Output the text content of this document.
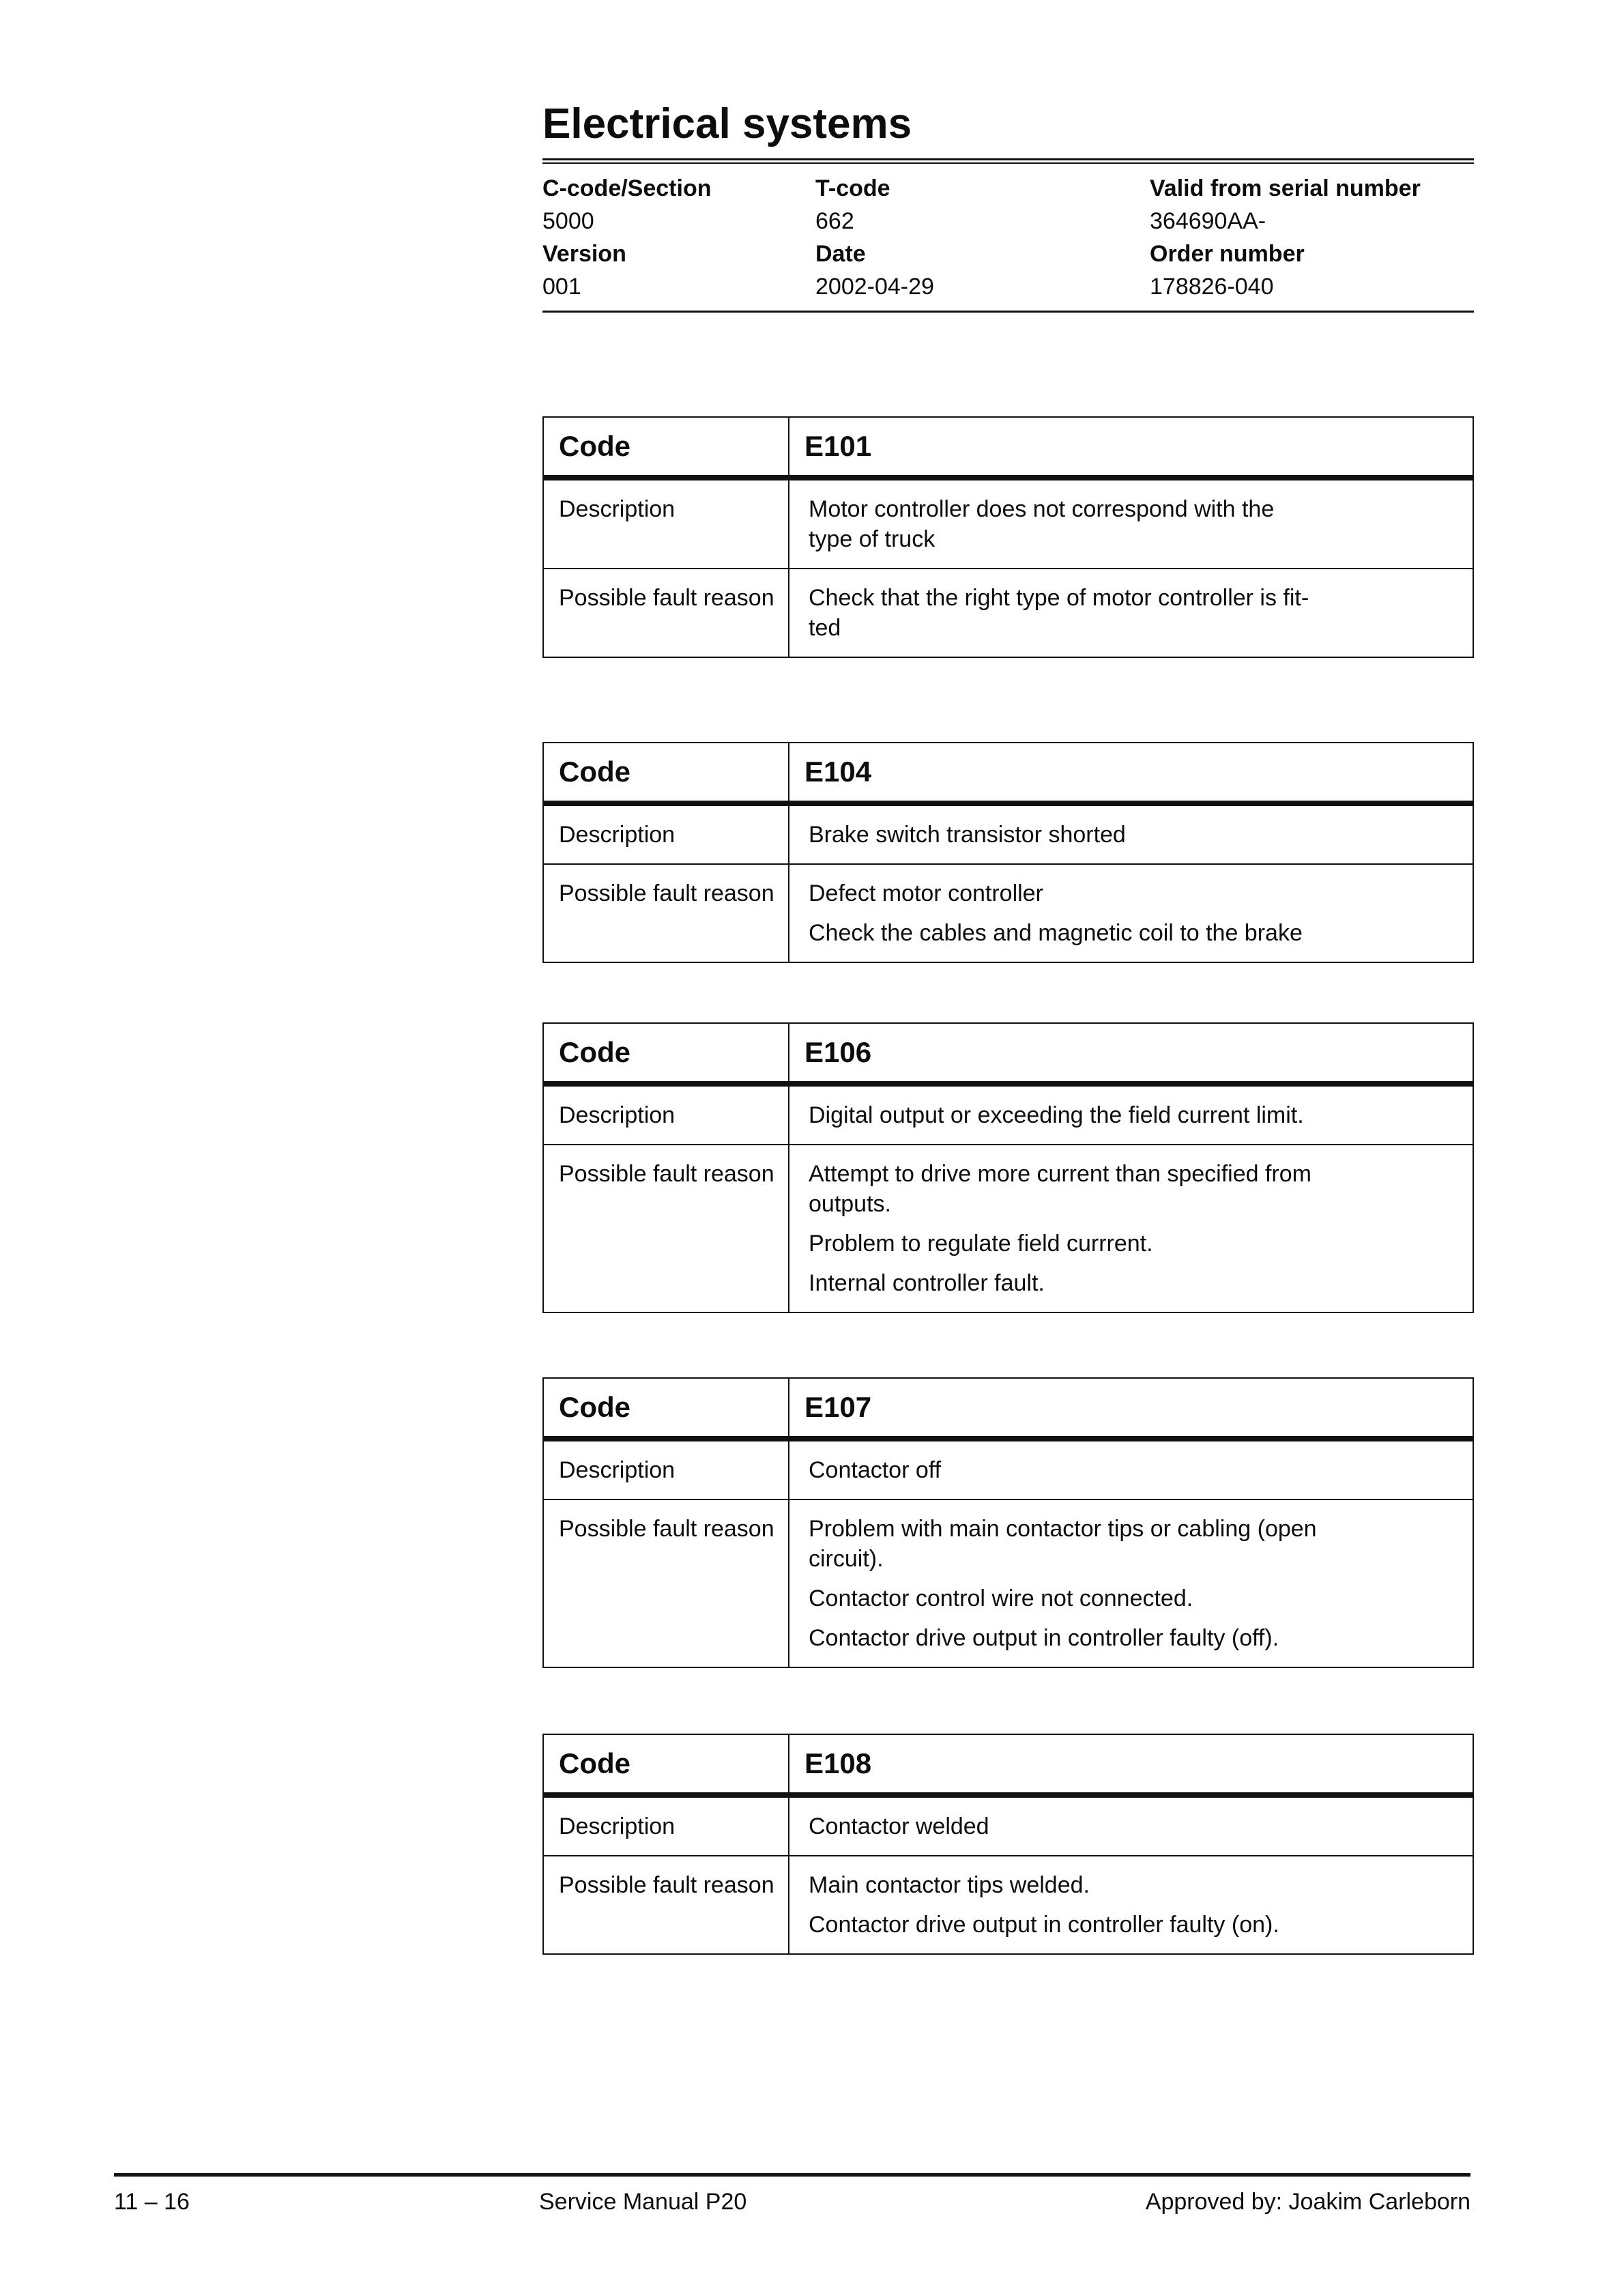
Electrical systems
C-code/Section	T-code	Valid from serial number
5000	662	364690AA-
Version	Date	Order number
001	2002-04-29	178826-040
Code	E101
Description	Motor controller does not correspond with the
type of truck
Possible fault reason	Check that the right type of motor controller is fit-
ted
Code	E104
Description	Brake switch transistor shorted
Possible fault reason	Defect motor controller
Check the cables and magnetic coil to the brake
Code	E106
Description	Digital output or exceeding the field current limit.
Possible fault reason	Attempt to drive more current than specified from
outputs.
Problem to regulate field currrent.
Internal controller fault.
Code	E107
Description	Contactor off
Possible fault reason	Problem with main contactor tips or cabling (open
circuit).
Contactor control wire not connected.
Contactor drive output in controller faulty (off).
Code	E108
Description	Contactor welded
Possible fault reason	Main contactor tips welded.
Contactor drive output in controller faulty (on).
11 – 16	Service Manual P20	Approved by: Joakim Carleborn
